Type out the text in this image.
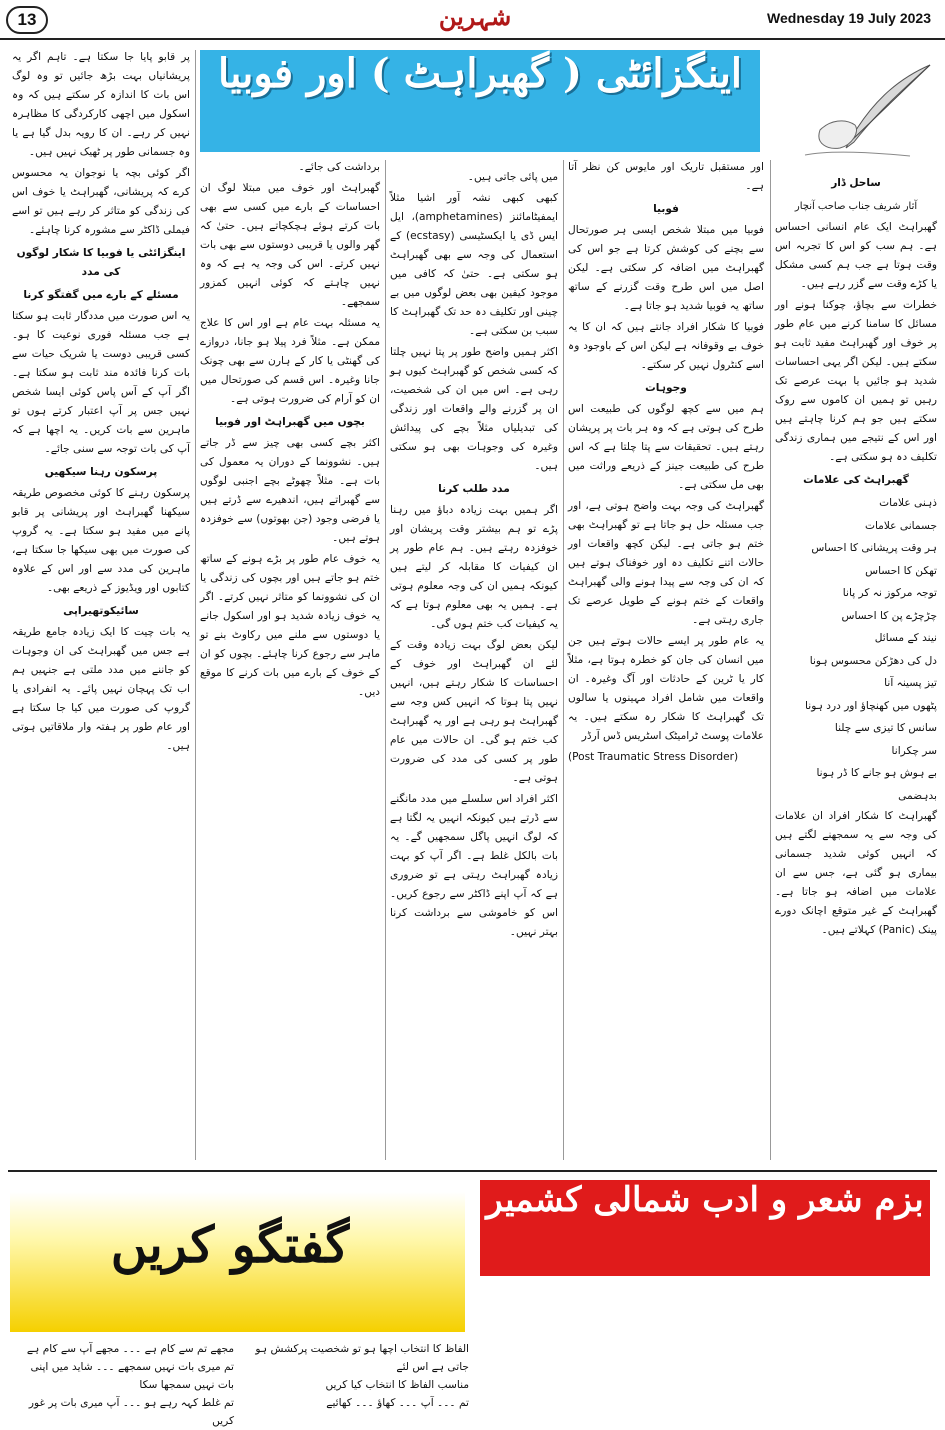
13	شہرین	Wednesday 19 July 2023
اینگزائٹی ( گھبراہٹ ) اور فوبیا

ساحل ڈار

آثار شریف جناب صاحب آنچار

گھبراہٹ ایک عام انسانی احساس ہے۔ ہم سب کو اس کا تجربہ اس وقت ہوتا ہے جب ہم کسی مشکل یا کڑے وقت سے گزر رہے ہیں۔

خطرات سے بچاؤ، چوکنا ہونے اور مسائل کا سامنا کرنے میں عام طور پر خوف اور گھبراہٹ مفید ثابت ہو سکتے ہیں۔ لیکن اگر یہی احساسات شدید ہو جائیں یا بہت عرصے تک رہیں تو ہمیں ان کاموں سے روک سکتے ہیں جو ہم کرنا چاہتے ہیں اور اس کے نتیجے میں ہماری زندگی تکلیف دہ ہو سکتی ہے۔

گھبراہٹ کی علامات

ذہنی علامات
جسمانی علامات
ہر وقت پریشانی کا احساس
تھکن کا احساس
توجہ مرکوز نہ کر پانا
چڑچڑے پن کا احساس
نیند کے مسائل
دل کی دھڑکن محسوس ہونا
تیز پسینہ آنا
پٹھوں میں کھنچاؤ اور درد ہونا
سانس کا تیزی سے چلنا
سر چکرانا
بے ہوش ہو جانے کا ڈر ہونا
بدہضمی

گھبراہٹ کا شکار افراد ان علامات کی وجہ سے یہ سمجھنے لگتے ہیں کہ انہیں کوئی شدید جسمانی بیماری ہو گئی ہے، جس سے ان علامات میں اضافہ ہو جاتا ہے۔ گھبراہٹ کے غیر متوقع اچانک دورے پینک (Panic) کہلاتے ہیں۔

اور مستقبل تاریک اور مایوس کن نظر آتا ہے۔

فوبیا

فوبیا میں مبتلا شخص ایسی ہر صورتحال سے بچنے کی کوشش کرتا ہے جو اس کی گھبراہٹ میں اضافہ کر سکتی ہے۔ لیکن اصل میں اس طرح وقت گزرنے کے ساتھ ساتھ یہ فوبیا شدید ہو جاتا ہے۔

فوبیا کا شکار افراد جانتے ہیں کہ ان کا یہ خوف بے وقوفانہ ہے لیکن اس کے باوجود وہ اسے کنٹرول نہیں کر سکتے۔

وجوہات

ہم میں سے کچھ لوگوں کی طبیعت اس طرح کی ہوتی ہے کہ وہ ہر بات پر پریشان رہتے ہیں۔ تحقیقات سے پتا چلتا ہے کہ اس طرح کی طبیعت جینز کے ذریعے وراثت میں بھی مل سکتی ہے۔

گھبراہٹ کی وجہ بہت واضح ہوتی ہے، اور جب مسئلہ حل ہو جاتا ہے تو گھبراہٹ بھی ختم ہو جاتی ہے۔ لیکن کچھ واقعات اور حالات اتنے تکلیف دہ اور خوفناک ہوتے ہیں کہ ان کی وجہ سے پیدا ہونے والی گھبراہٹ واقعات کے ختم ہونے کے طویل عرصے تک جاری رہتی ہے۔

یہ عام طور پر ایسے حالات ہوتے ہیں جن میں انسان کی جان کو خطرہ ہوتا ہے، مثلاً کار یا ٹرین کے حادثات اور آگ وغیرہ۔ ان واقعات میں شامل افراد مہینوں یا سالوں تک گھبراہٹ کا شکار رہ سکتے ہیں۔ یہ علامات پوسٹ ٹرامیٹک اسٹریس ڈس آرڈر

(Post Traumatic Stress Disorder)

میں پائی جاتی ہیں۔

کبھی کبھی نشہ آور اشیا مثلاً ایمفیٹامائنز (amphetamines)، ایل ایس ڈی یا ایکسٹیسی (ecstasy) کے استعمال کی وجہ سے بھی گھبراہٹ ہو سکتی ہے۔ حتیٰ کہ کافی میں موجود کیفین بھی بعض لوگوں میں بے چینی اور تکلیف دہ حد تک گھبراہٹ کا سبب بن سکتی ہے۔

اکثر ہمیں واضح طور پر پتا نہیں چلتا کہ کسی شخص کو گھبراہٹ کیوں ہو رہی ہے۔ اس میں ان کی شخصیت، ان پر گزرنے والے واقعات اور زندگی کی تبدیلیاں مثلاً بچے کی پیدائش وغیرہ کی وجوہات بھی ہو سکتی ہیں۔

مدد طلب کرنا

اگر ہمیں بہت زیادہ دباؤ میں رہنا پڑے تو ہم بیشتر وقت پریشان اور خوفزدہ رہتے ہیں۔ ہم عام طور پر ان کیفیات کا مقابلہ کر لیتے ہیں کیونکہ ہمیں ان کی وجہ معلوم ہوتی ہے۔ ہمیں یہ بھی معلوم ہوتا ہے کہ یہ کیفیات کب ختم ہوں گی۔

لیکن بعض لوگ بہت زیادہ وقت کے لئے ان گھبراہٹ اور خوف کے احساسات کا شکار رہتے ہیں، انہیں نہیں پتا ہوتا کہ انہیں کس وجہ سے گھبراہٹ ہو رہی ہے اور یہ گھبراہٹ کب ختم ہو گی۔ ان حالات میں عام طور پر کسی کی مدد کی ضرورت ہوتی ہے۔

اکثر افراد اس سلسلے میں مدد مانگنے سے ڈرتے ہیں کیونکہ انہیں یہ لگتا ہے کہ لوگ انہیں پاگل سمجھیں گے۔ یہ بات بالکل غلط ہے۔ اگر آپ کو بہت زیادہ گھبراہٹ رہتی ہے تو ضروری ہے کہ آپ اپنے ڈاکٹر سے رجوع کریں۔ اس کو خاموشی سے برداشت کرنا بہتر نہیں۔

برداشت کی جائے۔

گھبراہٹ اور خوف میں مبتلا لوگ ان احساسات کے بارے میں کسی سے بھی بات کرتے ہوئے ہچکچاتے ہیں۔ حتیٰ کہ گھر والوں یا قریبی دوستوں سے بھی بات نہیں کرتے۔ اس کی وجہ یہ ہے کہ وہ نہیں چاہتے کہ کوئی انہیں کمزور سمجھے۔

یہ مسئلہ بہت عام ہے اور اس کا علاج ممکن ہے۔ مثلاً فرد پیلا ہو جانا، دروازے کی گھنٹی یا کار کے ہارن سے بھی چونک جانا وغیرہ۔ اس قسم کی صورتحال میں ان کو آرام کی ضرورت ہوتی ہے۔

بچوں میں گھبراہٹ اور فوبیا

اکثر بچے کسی بھی چیز سے ڈر جاتے ہیں۔ نشوونما کے دوران یہ معمول کی بات ہے۔ مثلاً چھوٹے بچے اجنبی لوگوں سے گھبراتے ہیں، اندھیرے سے ڈرتے ہیں یا فرضی وجود (جن بھوتوں) سے خوفزدہ ہوتے ہیں۔

یہ خوف عام طور پر بڑے ہونے کے ساتھ ختم ہو جاتے ہیں اور بچوں کی زندگی یا ان کی نشوونما کو متاثر نہیں کرتے۔ اگر یہ خوف زیادہ شدید ہو اور اسکول جانے یا دوستوں سے ملنے میں رکاوٹ بنے تو ماہر سے رجوع کرنا چاہئے۔ بچوں کو ان کے خوف کے بارے میں بات کرنے کا موقع دیں۔

پر قابو پایا جا سکتا ہے۔ تاہم اگر یہ پریشانیاں بہت بڑھ جائیں تو وہ لوگ اس بات کا اندازہ کر سکتے ہیں کہ وہ اسکول میں اچھی کارکردگی کا مظاہرہ نہیں کر رہے۔ ان کا رویہ بدل گیا ہے یا وہ جسمانی طور پر ٹھیک نہیں ہیں۔

اگر کوئی بچہ یا نوجوان یہ محسوس کرے کہ پریشانی، گھبراہٹ یا خوف اس کی زندگی کو متاثر کر رہے ہیں تو اسے فیملی ڈاکٹر سے مشورہ کرنا چاہئے۔

اینگزائٹی یا فوبیا کا شکار لوگوں کی مدد

مسئلے کے بارے میں گفتگو کرنا

یہ اس صورت میں مددگار ثابت ہو سکتا ہے جب مسئلہ فوری نوعیت کا ہو۔ کسی قریبی دوست یا شریک حیات سے بات کرنا فائدہ مند ثابت ہو سکتا ہے۔ اگر آپ کے آس پاس کوئی ایسا شخص نہیں جس پر آپ اعتبار کرتے ہوں تو ماہرین سے بات کریں۔ یہ اچھا ہے کہ آپ کی بات توجہ سے سنی جائے۔

پرسکون رہنا سیکھیں

پرسکون رہنے کا کوئی مخصوص طریقہ سیکھنا گھبراہٹ اور پریشانی پر قابو پانے میں مفید ہو سکتا ہے۔ یہ گروپ کی صورت میں بھی سیکھا جا سکتا ہے، ماہرین کی مدد سے اور اس کے علاوہ کتابوں اور ویڈیوز کے ذریعے بھی۔

سائیکوتھیراپی

یہ بات چیت کا ایک زیادہ جامع طریقہ ہے جس میں گھبراہٹ کی ان وجوہات کو جاننے میں مدد ملتی ہے جنہیں ہم اب تک پہچان نہیں پائے۔ یہ انفرادی یا گروپ کی صورت میں کیا جا سکتا ہے اور عام طور پر ہفتہ وار ملاقاتیں ہوتی ہیں۔

گفتگو کریں
بزم شعر و ادب شمالی کشمیر
الفاظ کا انتخاب اچھا ہو تو شخصیت پرکشش ہو جاتی ہے اس لئے
مناسب الفاظ کا انتخاب کیا کریں
تم ۔۔۔ آپ ۔۔۔ کھاؤ ۔۔۔ کھائیے
مجھے تم سے کام ہے ۔۔۔ مجھے آپ سے کام ہے
تم میری بات نہیں سمجھے ۔۔۔ شاید میں اپنی بات نہیں سمجھا سکا
تم غلط کہہ رہے ہو ۔۔۔ آپ میری بات پر غور کریں
